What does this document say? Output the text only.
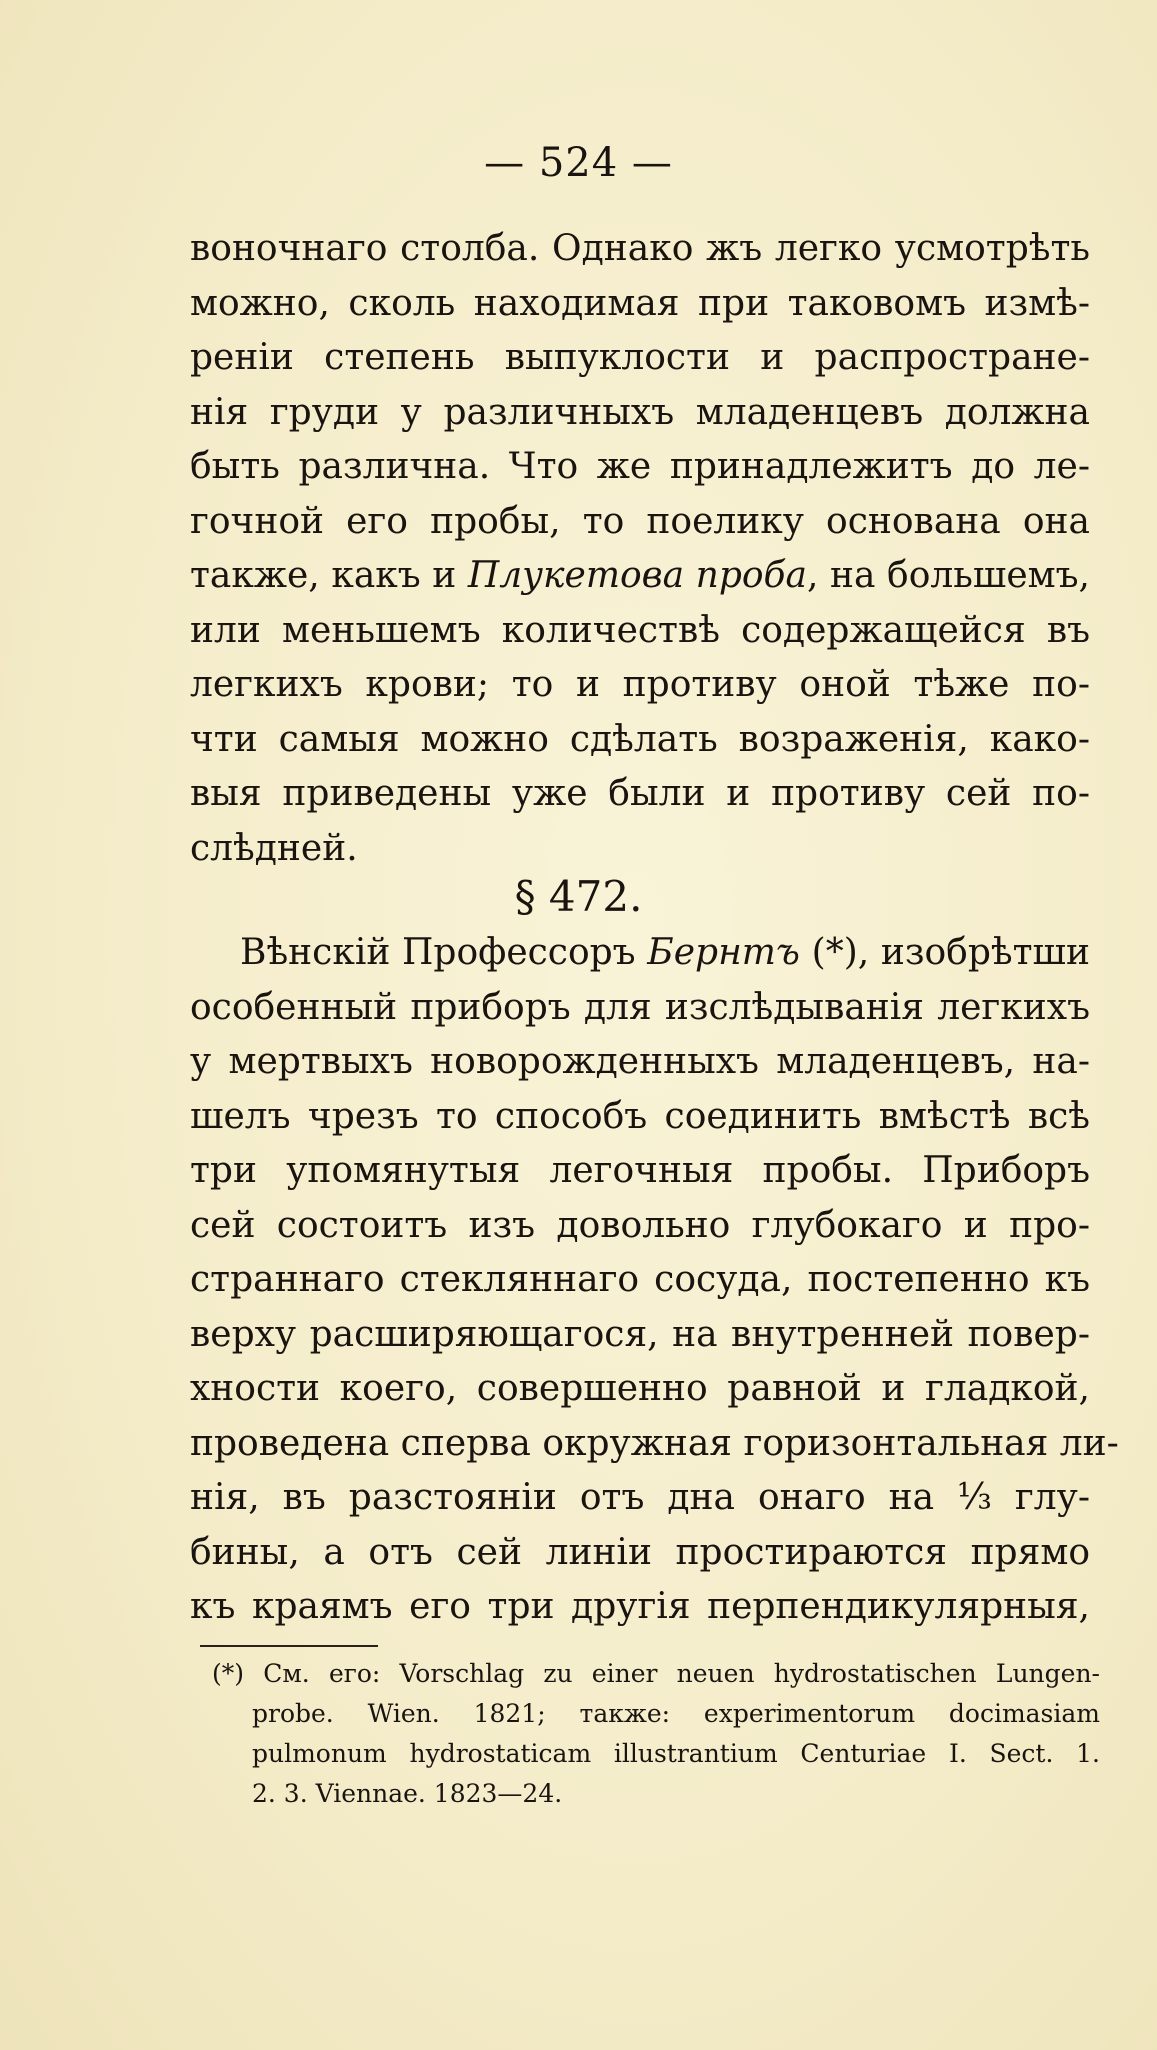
— 524 —
воночнаго столба. Однако жъ легко усмотрѣть
можно, сколь находимая при таковомъ измѣ-
ренiи степень выпуклости и распростране-
нiя груди у различныхъ младенцевъ должна
быть различна. Что же принадлежитъ до ле-
гочной его пробы, то поелику основана она
также, какъ и Плукетова проба, на большемъ,
или меньшемъ количествѣ содержащейся въ
легкихъ крови; то и противу оной тѣже по-
чти самыя можно сдѣлать возраженiя, како-
выя приведены уже были и противу сей по-
слѣдней.
§ 472.
Вѣнскiй Профессоръ Бернтъ (*), изобрѣтши
особенный приборъ для изслѣдыванiя легкихъ
у мертвыхъ новорожденныхъ младенцевъ, на-
шелъ чрезъ то способъ соединить вмѣстѣ всѣ
три упомянутыя легочныя пробы. Приборъ
сей состоитъ изъ довольно глубокаго и про-
страннаго стекляннаго сосуда, постепенно къ
верху расширяющагося, на внутренней повер-
хности коего, совершенно равной и гладкой,
проведена сперва окружная горизонтальная ли-
нiя, въ разстоянiи отъ дна онаго на ⅓ глу-
бины, а отъ сей линiи простираются прямо
къ краямъ его три другiя перпендикулярныя,
(*) См. его: Vorschlag zu einer neuen hydrostatischen Lungen-
probe. Wien. 1821; также: experimentorum docimasiam
pulmonum hydrostaticam illustrantium Centuriae I. Sect. 1.
2. 3. Viennae. 1823—24.
